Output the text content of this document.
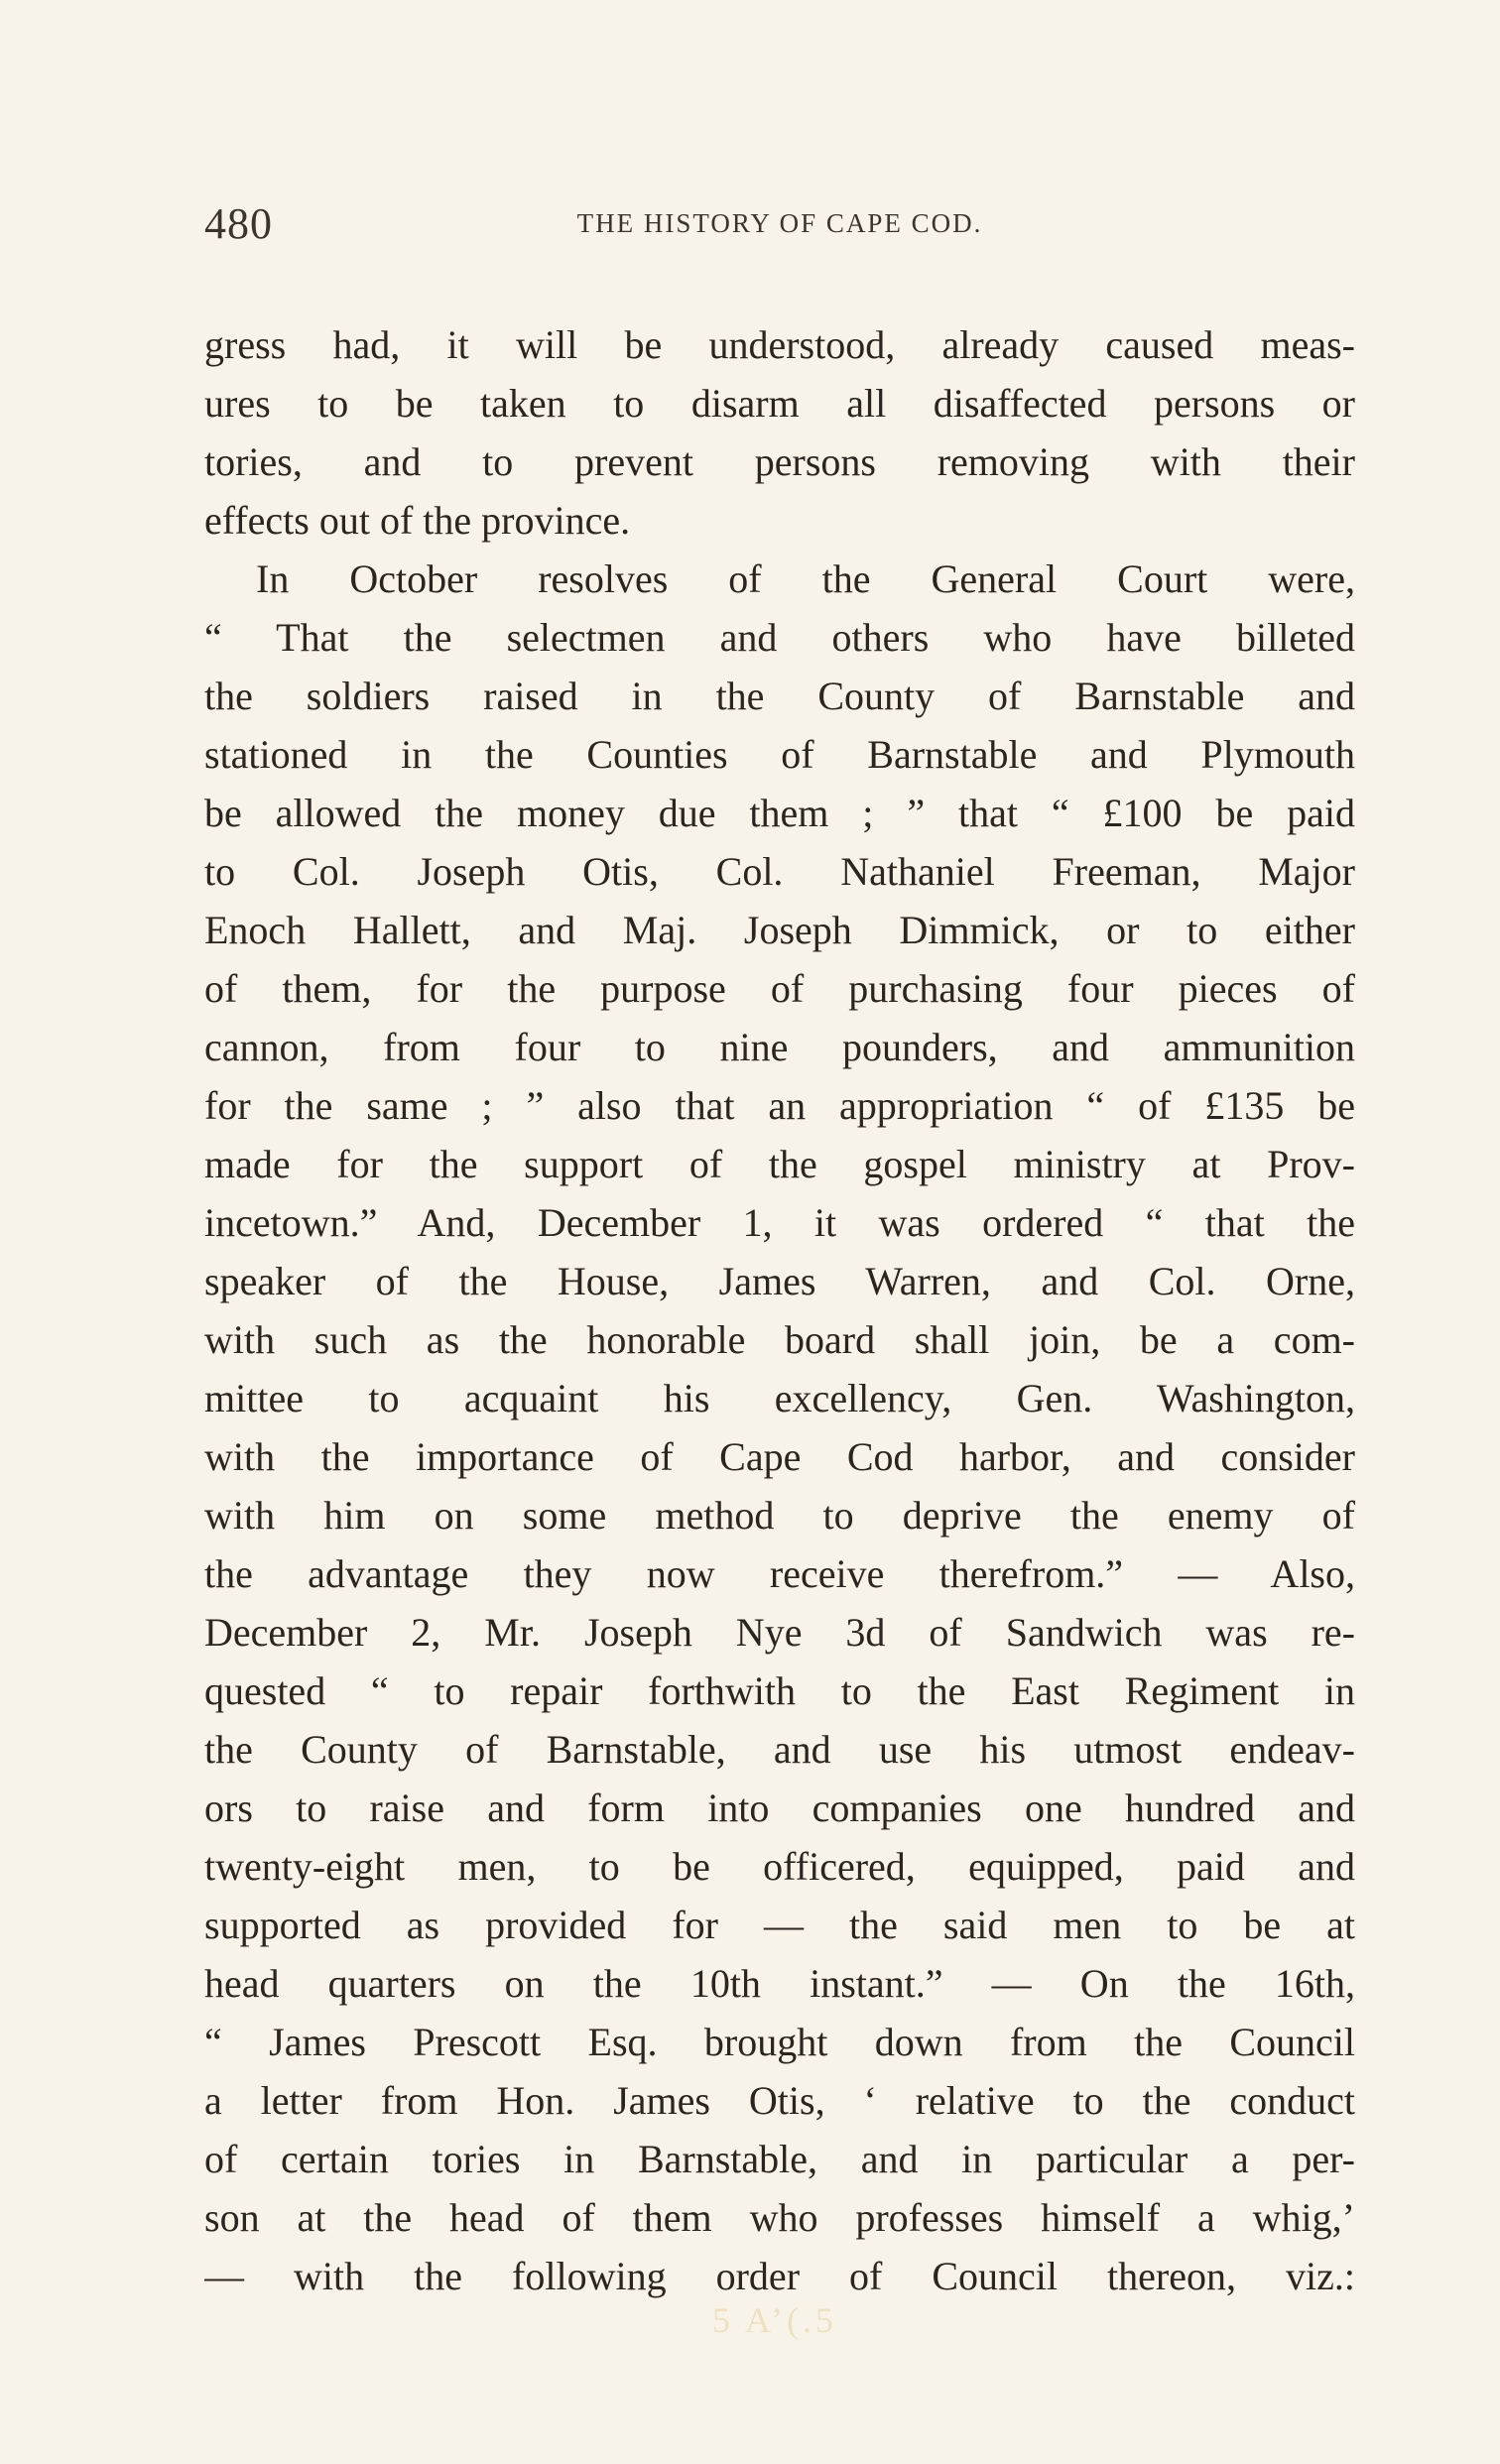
480	THE HISTORY OF CAPE COD.
gress had, it will be understood, already caused meas-
ures to be taken to disarm all disaffected persons or
tories, and to prevent persons removing with their
effects out of the province.
In October resolves of the General Court were,
“ That the selectmen and others who have billeted
the soldiers raised in the County of Barnstable and
stationed in the Counties of Barnstable and Plymouth
be allowed the money due them ; ” that “ £100 be paid
to Col. Joseph Otis, Col. Nathaniel Freeman, Major
Enoch Hallett, and Maj. Joseph Dimmick, or to either
of them, for the purpose of purchasing four pieces of
cannon, from four to nine pounders, and ammunition
for the same ; ” also that an appropriation “ of £135 be
made for the support of the gospel ministry at Prov-
incetown.” And, December 1, it was ordered “ that the
speaker of the House, James Warren, and Col. Orne,
with such as the honorable board shall join, be a com-
mittee to acquaint his excellency, Gen. Washington,
with the importance of Cape Cod harbor, and consider
with him on some method to deprive the enemy of
the advantage they now receive therefrom.” — Also,
December 2, Mr. Joseph Nye 3d of Sandwich was re-
quested “ to repair forthwith to the East Regiment in
the County of Barnstable, and use his utmost endeav-
ors to raise and form into companies one hundred and
twenty-eight men, to be officered, equipped, paid and
supported as provided for — the said men to be at
head quarters on the 10th instant.” — On the 16th,
“ James Prescott Esq. brought down from the Council
a letter from Hon. James Otis, ‘ relative to the conduct
of certain tories in Barnstable, and in particular a per-
son at the head of them who professes himself a whig,’
— with the following order of Council thereon, viz.:
5 A’(.5
